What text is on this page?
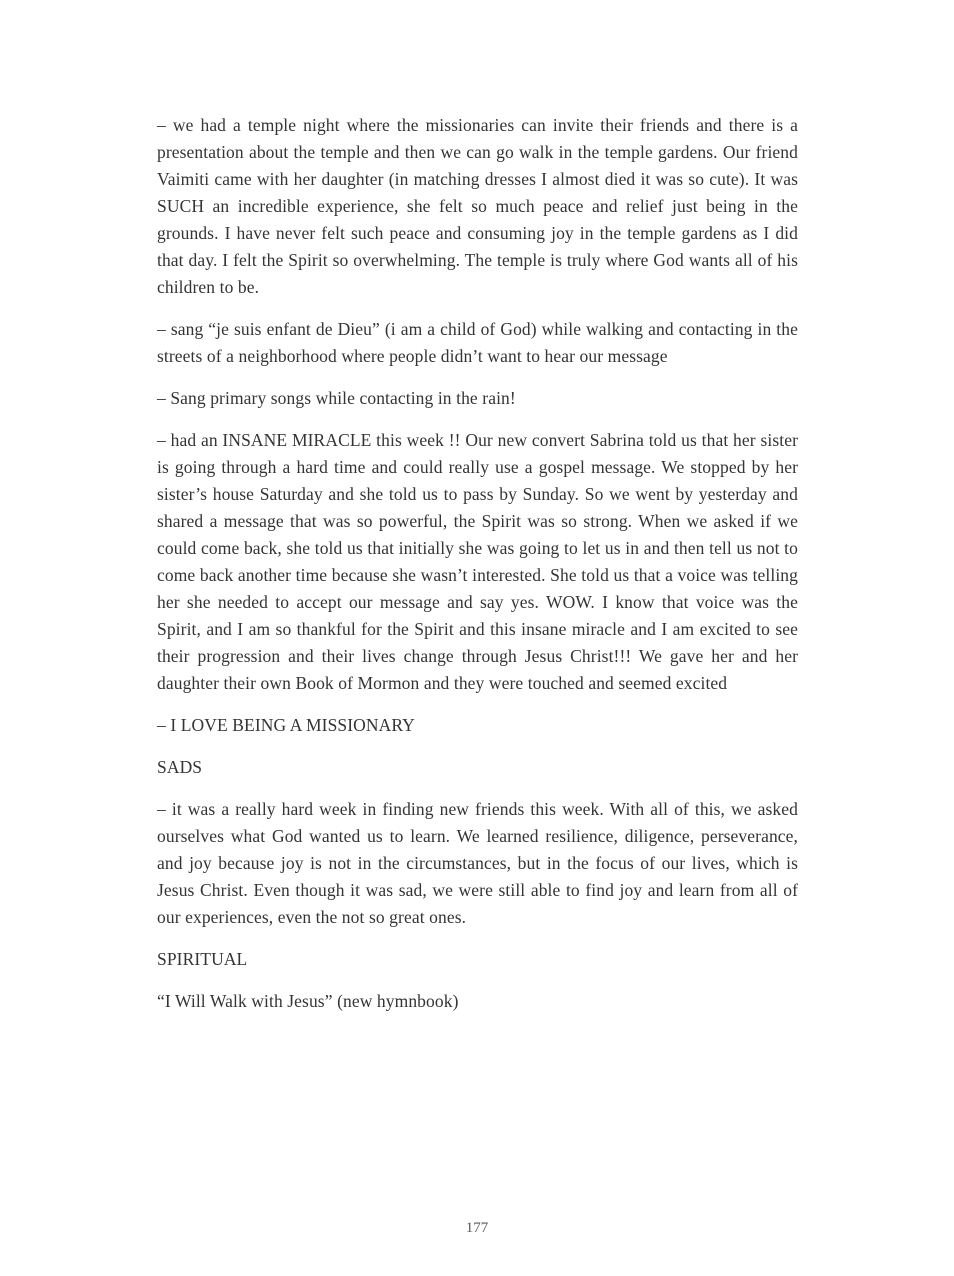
– we had a temple night where the missionaries can invite their friends and there is a presentation about the temple and then we can go walk in the temple gardens. Our friend Vaimiti came with her daughter (in matching dresses I almost died it was so cute). It was SUCH an incredible experience, she felt so much peace and relief just being in the grounds. I have never felt such peace and consuming joy in the temple gardens as I did that day. I felt the Spirit so overwhelming. The temple is truly where God wants all of his children to be.

– sang “je suis enfant de Dieu” (i am a child of God) while walking and contacting in the streets of a neighborhood where people didn’t want to hear our message

– Sang primary songs while contacting in the rain!

– had an INSANE MIRACLE this week !! Our new convert Sabrina told us that her sister is going through a hard time and could really use a gospel message. We stopped by her sister’s house Saturday and she told us to pass by Sunday. So we went by yesterday and shared a message that was so powerful, the Spirit was so strong. When we asked if we could come back, she told us that initially she was going to let us in and then tell us not to come back another time because she wasn’t interested. She told us that a voice was telling her she needed to accept our message and say yes. WOW. I know that voice was the Spirit, and I am so thankful for the Spirit and this insane miracle and I am excited to see their progression and their lives change through Jesus Christ!!! We gave her and her daughter their own Book of Mormon and they were touched and seemed excited

– I LOVE BEING A MISSIONARY

SADS

– it was a really hard week in finding new friends this week. With all of this, we asked ourselves what God wanted us to learn. We learned resilience, diligence, perseverance, and joy because joy is not in the circumstances, but in the focus of our lives, which is Jesus Christ. Even though it was sad, we were still able to find joy and learn from all of our experiences, even the not so great ones.

SPIRITUAL

“I Will Walk with Jesus” (new hymnbook)

177
